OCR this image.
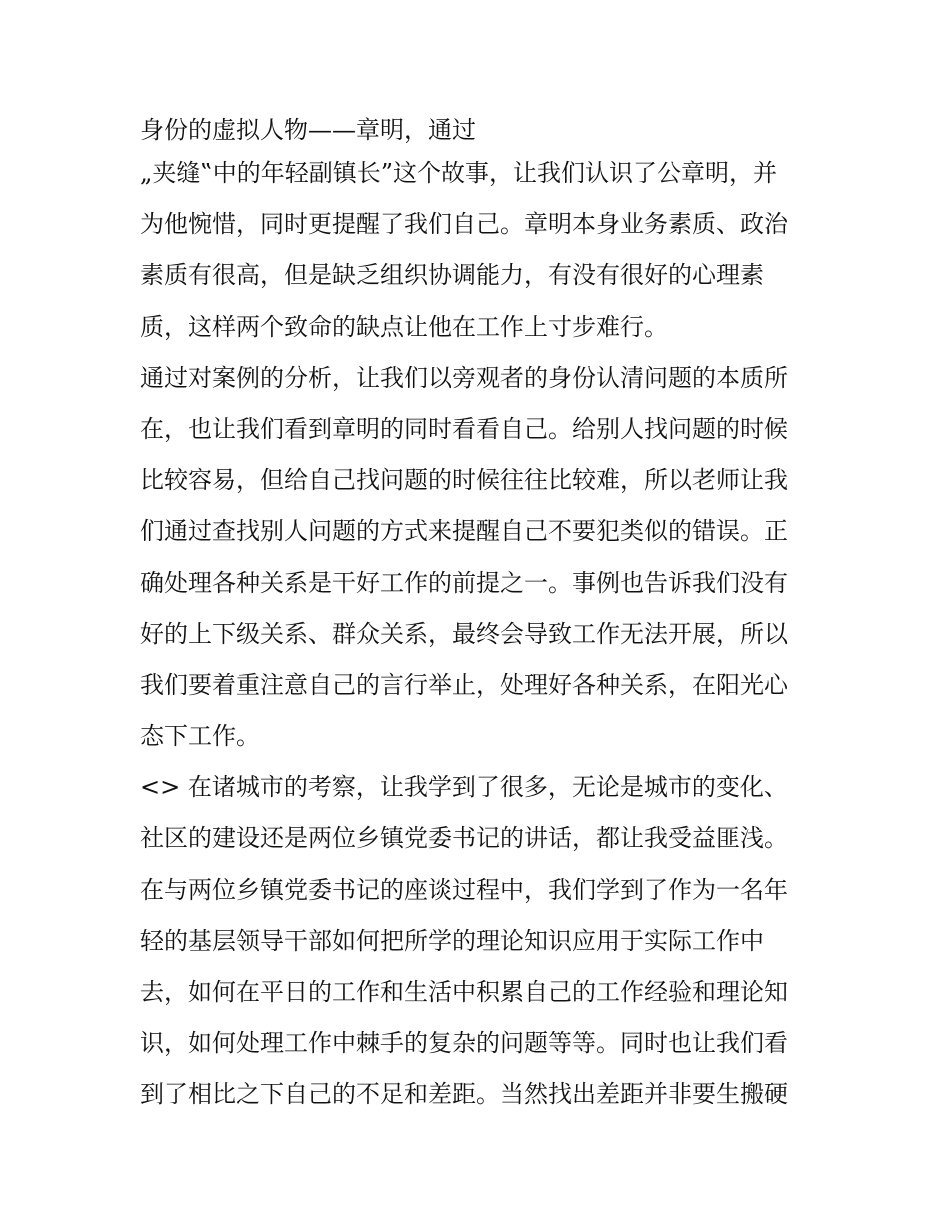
身份的虚拟人物——章明，通过
„夹缝‟中的年轻副镇长”这个故事，让我们认识了公章明，并
为他惋惜，同时更提醒了我们自己。章明本身业务素质、政治
素质有很高，但是缺乏组织协调能力，有没有很好的心理素
质，这样两个致命的缺点让他在工作上寸步难行。
通过对案例的分析，让我们以旁观者的身份认清问题的本质所
在，也让我们看到章明的同时看看自己。给别人找问题的时候
比较容易，但给自己找问题的时候往往比较难，所以老师让我
们通过查找别人问题的方式来提醒自己不要犯类似的错误。正
确处理各种关系是干好工作的前提之一。事例也告诉我们没有
好的上下级关系、群众关系，最终会导致工作无法开展，所以
我们要着重注意自己的言行举止，处理好各种关系，在阳光心
态下工作。
<> 在诸城市的考察，让我学到了很多，无论是城市的变化、
社区的建设还是两位乡镇党委书记的讲话，都让我受益匪浅。
在与两位乡镇党委书记的座谈过程中，我们学到了作为一名年
轻的基层领导干部如何把所学的理论知识应用于实际工作中
去，如何在平日的工作和生活中积累自己的工作经验和理论知
识，如何处理工作中棘手的复杂的问题等等。同时也让我们看
到了相比之下自己的不足和差距。当然找出差距并非要生搬硬
